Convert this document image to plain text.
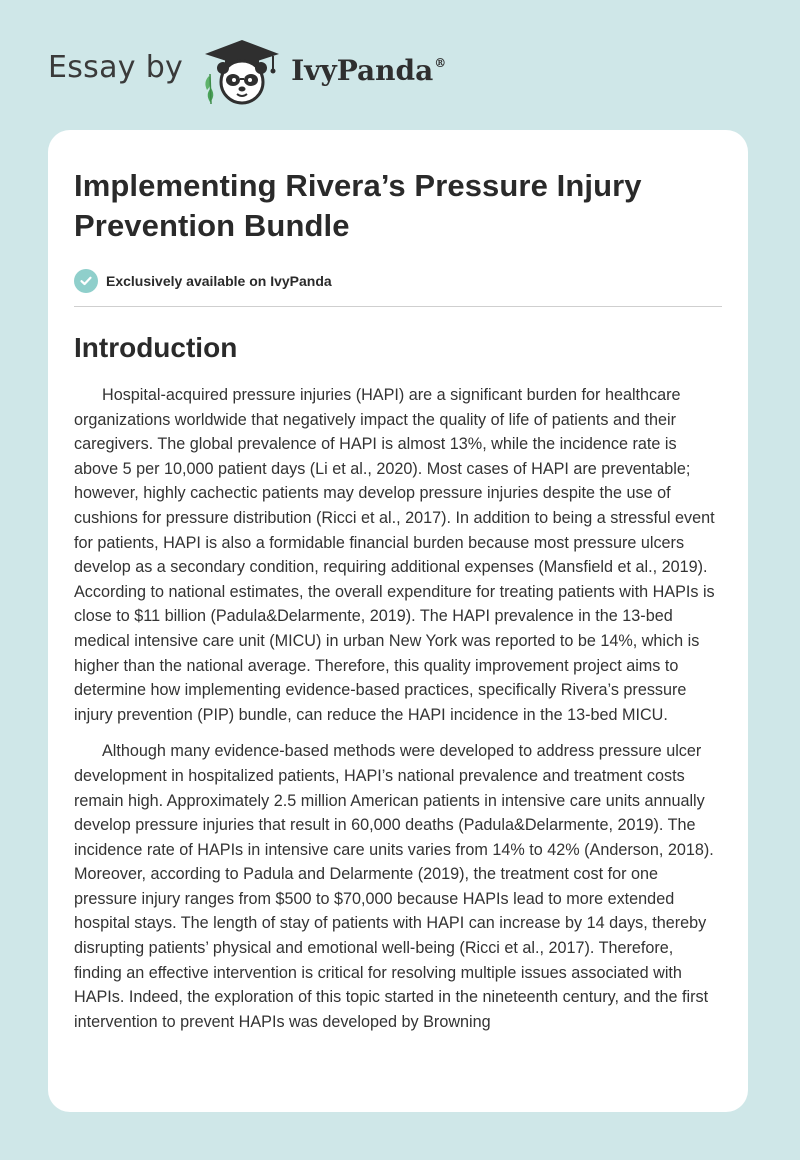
Essay by	IvyPanda®
Implementing Rivera’s Pressure Injury Prevention Bundle
Exclusively available on IvyPanda
Introduction

Hospital-acquired pressure injuries (HAPI) are a significant burden for healthcare organizations worldwide that negatively impact the quality of life of patients and their caregivers. The global prevalence of HAPI is almost 13%, while the incidence rate is above 5 per 10,000 patient days (Li et al., 2020). Most cases of HAPI are preventable; however, highly cachectic patients may develop pressure injuries despite the use of cushions for pressure distribution (Ricci et al., 2017). In addition to being a stressful event for patients, HAPI is also a formidable financial burden because most pressure ulcers develop as a secondary condition, requiring additional expenses (Mansfield et al., 2019). According to national estimates, the overall expenditure for treating patients with HAPIs is close to $11 billion (Padula&Delarmente, 2019). The HAPI prevalence in the 13-bed medical intensive care unit (MICU) in urban New York was reported to be 14%, which is higher than the national average. Therefore, this quality improvement project aims to determine how implementing evidence-based practices, specifically Rivera’s pressure injury prevention (PIP) bundle, can reduce the HAPI incidence in the 13-bed MICU.

Although many evidence-based methods were developed to address pressure ulcer development in hospitalized patients, HAPI’s national prevalence and treatment costs remain high. Approximately 2.5 million American patients in intensive care units annually develop pressure injuries that result in 60,000 deaths (Padula&Delarmente, 2019). The incidence rate of HAPIs in intensive care units varies from 14% to 42% (Anderson, 2018). Moreover, according to Padula and Delarmente (2019), the treatment cost for one pressure injury ranges from $500 to $70,000 because HAPIs lead to more extended hospital stays. The length of stay of patients with HAPI can increase by 14 days, thereby disrupting patients’ physical and emotional well-being (Ricci et al., 2017). Therefore, finding an effective intervention is critical for resolving multiple issues associated with HAPIs. Indeed, the exploration of this topic started in the nineteenth century, and the first intervention to prevent HAPIs was developed by Browning
